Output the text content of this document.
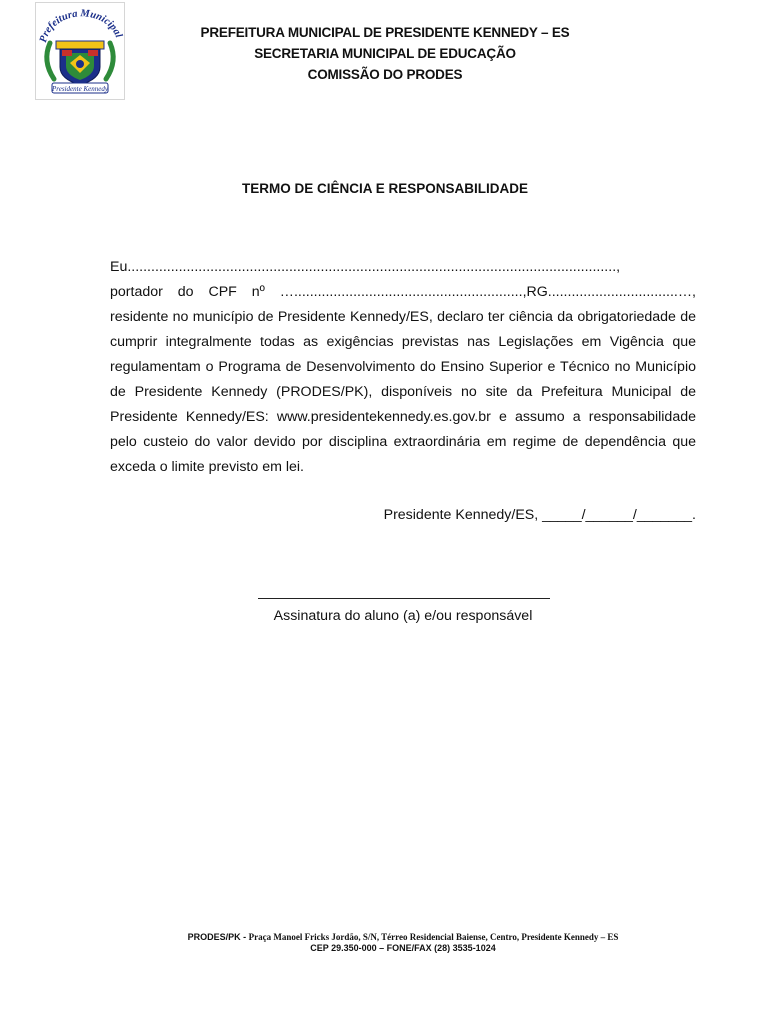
Prefeitura Municipal
Presidente Kennedy
PREFEITURA MUNICIPAL DE PRESIDENTE KENNEDY – ES
SECRETARIA MUNICIPAL DE EDUCAÇÃO
COMISSÃO DO PRODES
TERMO DE CIÊNCIA E RESPONSABILIDADE

Eu............................................................................................................................,

portador do CPF nº …..........................................................,RG.................................…,

residente no município de Presidente Kennedy/ES, declaro ter ciência da obrigatoriedade de cumprir integralmente todas as exigências previstas nas Legislações em Vigência que regulamentam o Programa de Desenvolvimento do Ensino Superior e Técnico no Município de Presidente Kennedy (PRODES/PK), disponíveis no site da Prefeitura Municipal de Presidente Kennedy/ES: www.presidentekennedy.es.gov.br e assumo a responsabilidade pelo custeio do valor devido por disciplina extraordinária em regime de dependência que exceda o limite previsto em lei.

Presidente Kennedy/ES, _____/______/_______.
Assinatura do aluno (a) e/ou responsável
PRODES/PK - Praça Manoel Fricks Jordão, S/N, Térreo Residencial Baiense, Centro, Presidente Kennedy – ES
CEP 29.350-000 – FONE/FAX (28) 3535-1024
